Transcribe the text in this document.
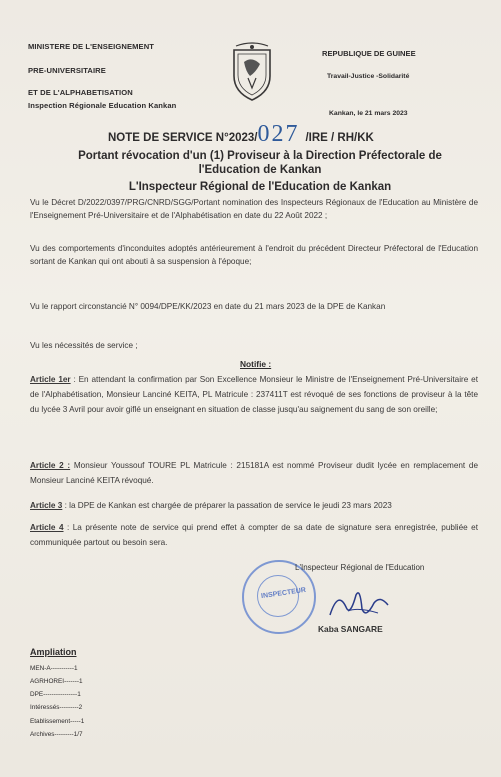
MINISTERE DE L'ENSEIGNEMENT
PRE-UNIVERSITAIRE
ET DE L'ALPHABETISATION
Inspection Régionale Education Kankan
REPUBLIQUE DE GUINEE
Travail-Justice -Solidarité
Kankan, le 21 mars 2023
NOTE DE SERVICE N°2023/027 /IRE / RH/KK
Portant révocation d'un (1) Proviseur à la Direction Préfectorale de
l'Education de Kankan
L'Inspecteur Régional de l'Education de Kankan
Vu le Décret D/2022/0397/PRG/CNRD/SGG/Portant nomination des Inspecteurs Régionaux de l'Education au Ministère de l'Enseignement Pré-Universitaire et de l'Alphabétisation en date du 22 Août 2022 ;
Vu des comportements d'inconduites adoptés antérieurement à l'endroit du précédent Directeur Préfectoral de l'Education sortant de Kankan qui ont abouti à sa suspension à l'époque;
Vu le rapport circonstancié N° 0094/DPE/KK/2023 en date du 21 mars 2023 de la DPE de Kankan
Vu les nécessités de service ;
Notifie :
Article 1er : En attendant la confirmation par Son Excellence Monsieur le Ministre de l'Enseignement Pré-Universitaire et de l'Alphabétisation, Monsieur Lanciné KEITA, PL Matricule : 237411T est révoqué de ses fonctions de proviseur à la tête du lycée 3 Avril pour avoir giflé un enseignant en situation de classe jusqu'au saignement du sang de son oreille;
Article 2 : Monsieur Youssouf TOURE PL Matricule : 215181A est nommé Proviseur dudit lycée en remplacement de Monsieur Lanciné KEITA révoqué.
Article 3 : la DPE de Kankan est chargée de préparer la passation de service le jeudi 23 mars 2023
Article 4 : La présente note de service qui prend effet à compter de sa date de signature sera enregistrée, publiée et communiquée partout ou besoin sera.
INSPECTEUR
L'Inspecteur Régional de l'Education
Kaba SANGARE
Ampliation
MEN-A-----------1
AGRHOREI-------1
DPE----------------1
Intéressés---------2
Etablissement-----1
Archives---------1/7
